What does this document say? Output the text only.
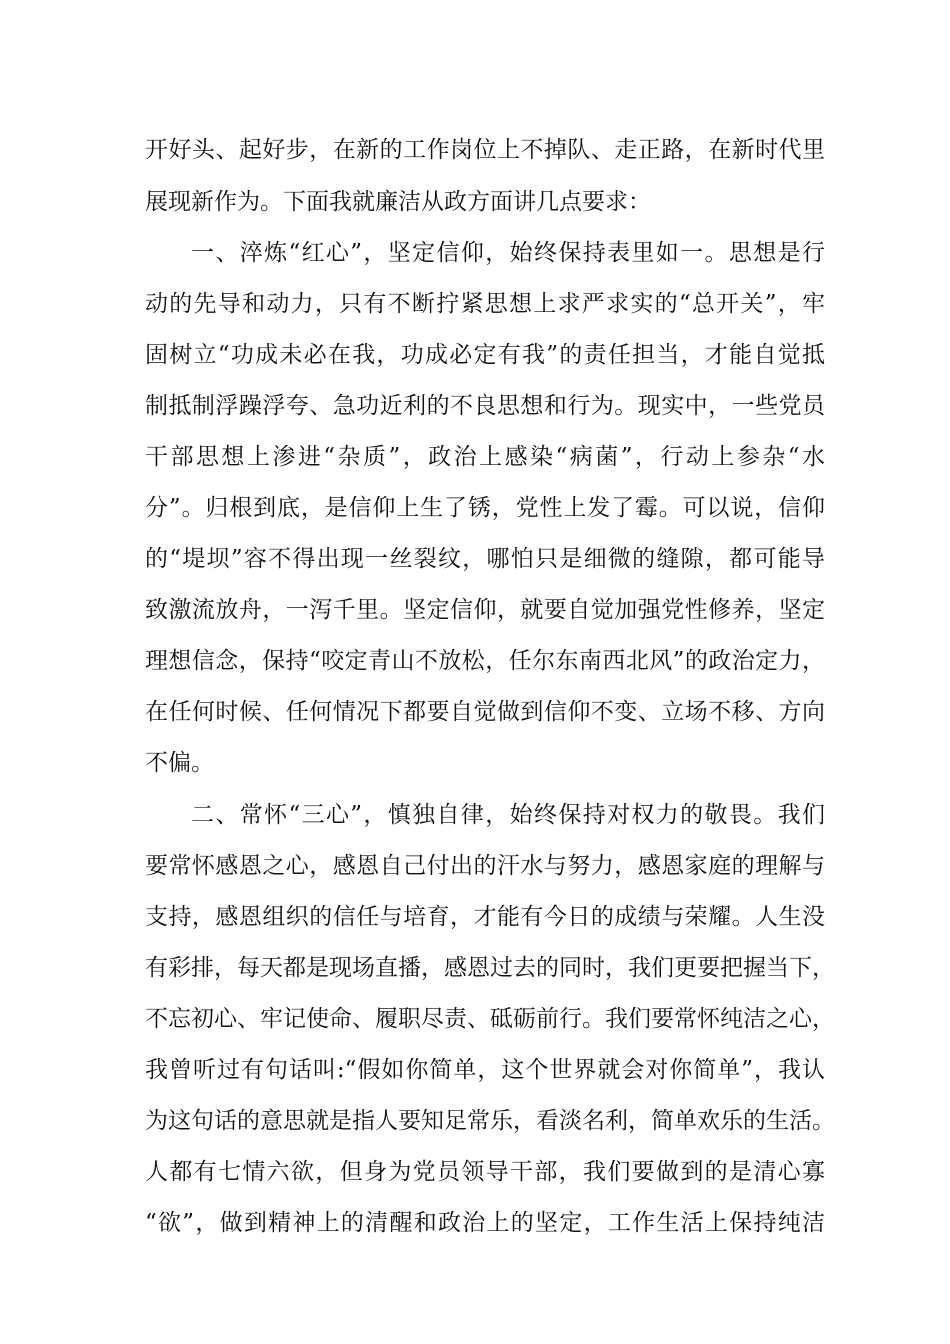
开好头、起好步，在新的工作岗位上不掉队、走正路，在新时代里
展现新作为。下面我就廉洁从政方面讲几点要求：
一、淬炼“红心”，坚定信仰，始终保持表里如一。思想是行
动的先导和动力，只有不断拧紧思想上求严求实的“总开关”，牢
固树立“功成未必在我，功成必定有我”的责任担当，才能自觉抵
制抵制浮躁浮夸、急功近利的不良思想和行为。现实中，一些党员
干部思想上渗进“杂质”，政治上感染“病菌”，行动上参杂“水
分”。归根到底，是信仰上生了锈，党性上发了霉。可以说，信仰
的“堤坝”容不得出现一丝裂纹，哪怕只是细微的缝隙，都可能导
致激流放舟，一泻千里。坚定信仰，就要自觉加强党性修养，坚定
理想信念，保持“咬定青山不放松，任尔东南西北风”的政治定力，
在任何时候、任何情况下都要自觉做到信仰不变、立场不移、方向
不偏。
二、常怀“三心”，慎独自律，始终保持对权力的敬畏。我们
要常怀感恩之心，感恩自己付出的汗水与努力，感恩家庭的理解与
支持，感恩组织的信任与培育，才能有今日的成绩与荣耀。人生没
有彩排，每天都是现场直播，感恩过去的同时，我们更要把握当下，
不忘初心、牢记使命、履职尽责、砥砺前行。我们要常怀纯洁之心，
我曾听过有句话叫:“假如你简单，这个世界就会对你简单”，我认
为这句话的意思就是指人要知足常乐，看淡名利，简单欢乐的生活。
人都有七情六欲，但身为党员领导干部，我们要做到的是清心寡
“欲”，做到精神上的清醒和政治上的坚定，工作生活上保持纯洁
